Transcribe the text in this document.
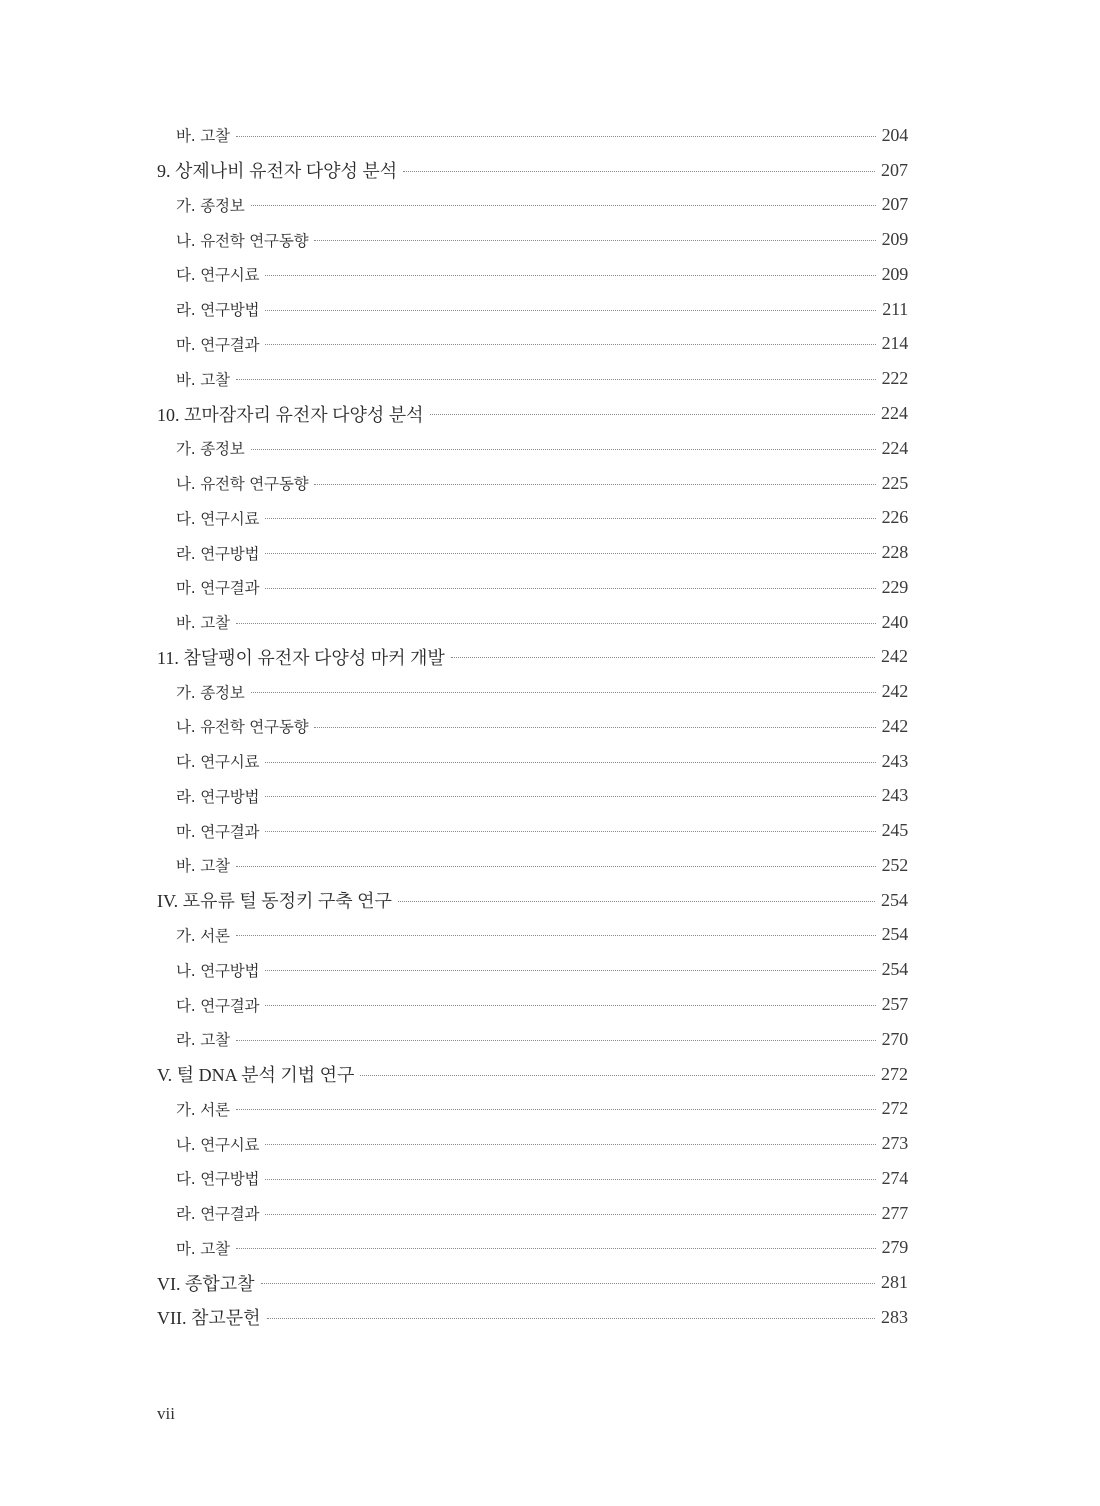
바. 고찰	204
9. 상제나비 유전자 다양성 분석	207
가. 종정보	207
나. 유전학 연구동향	209
다. 연구시료	209
라. 연구방법	211
마. 연구결과	214
바. 고찰	222
10. 꼬마잠자리 유전자 다양성 분석	224
가. 종정보	224
나. 유전학 연구동향	225
다. 연구시료	226
라. 연구방법	228
마. 연구결과	229
바. 고찰	240
11. 참달팽이 유전자 다양성 마커 개발	242
가. 종정보	242
나. 유전학 연구동향	242
다. 연구시료	243
라. 연구방법	243
마. 연구결과	245
바. 고찰	252
IV. 포유류 털 동정키 구축 연구	254
가. 서론	254
나. 연구방법	254
다. 연구결과	257
라. 고찰	270
V. 털 DNA 분석 기법 연구	272
가. 서론	272
나. 연구시료	273
다. 연구방법	274
라. 연구결과	277
마. 고찰	279
VI. 종합고찰	281
VII. 참고문헌	283
vii
